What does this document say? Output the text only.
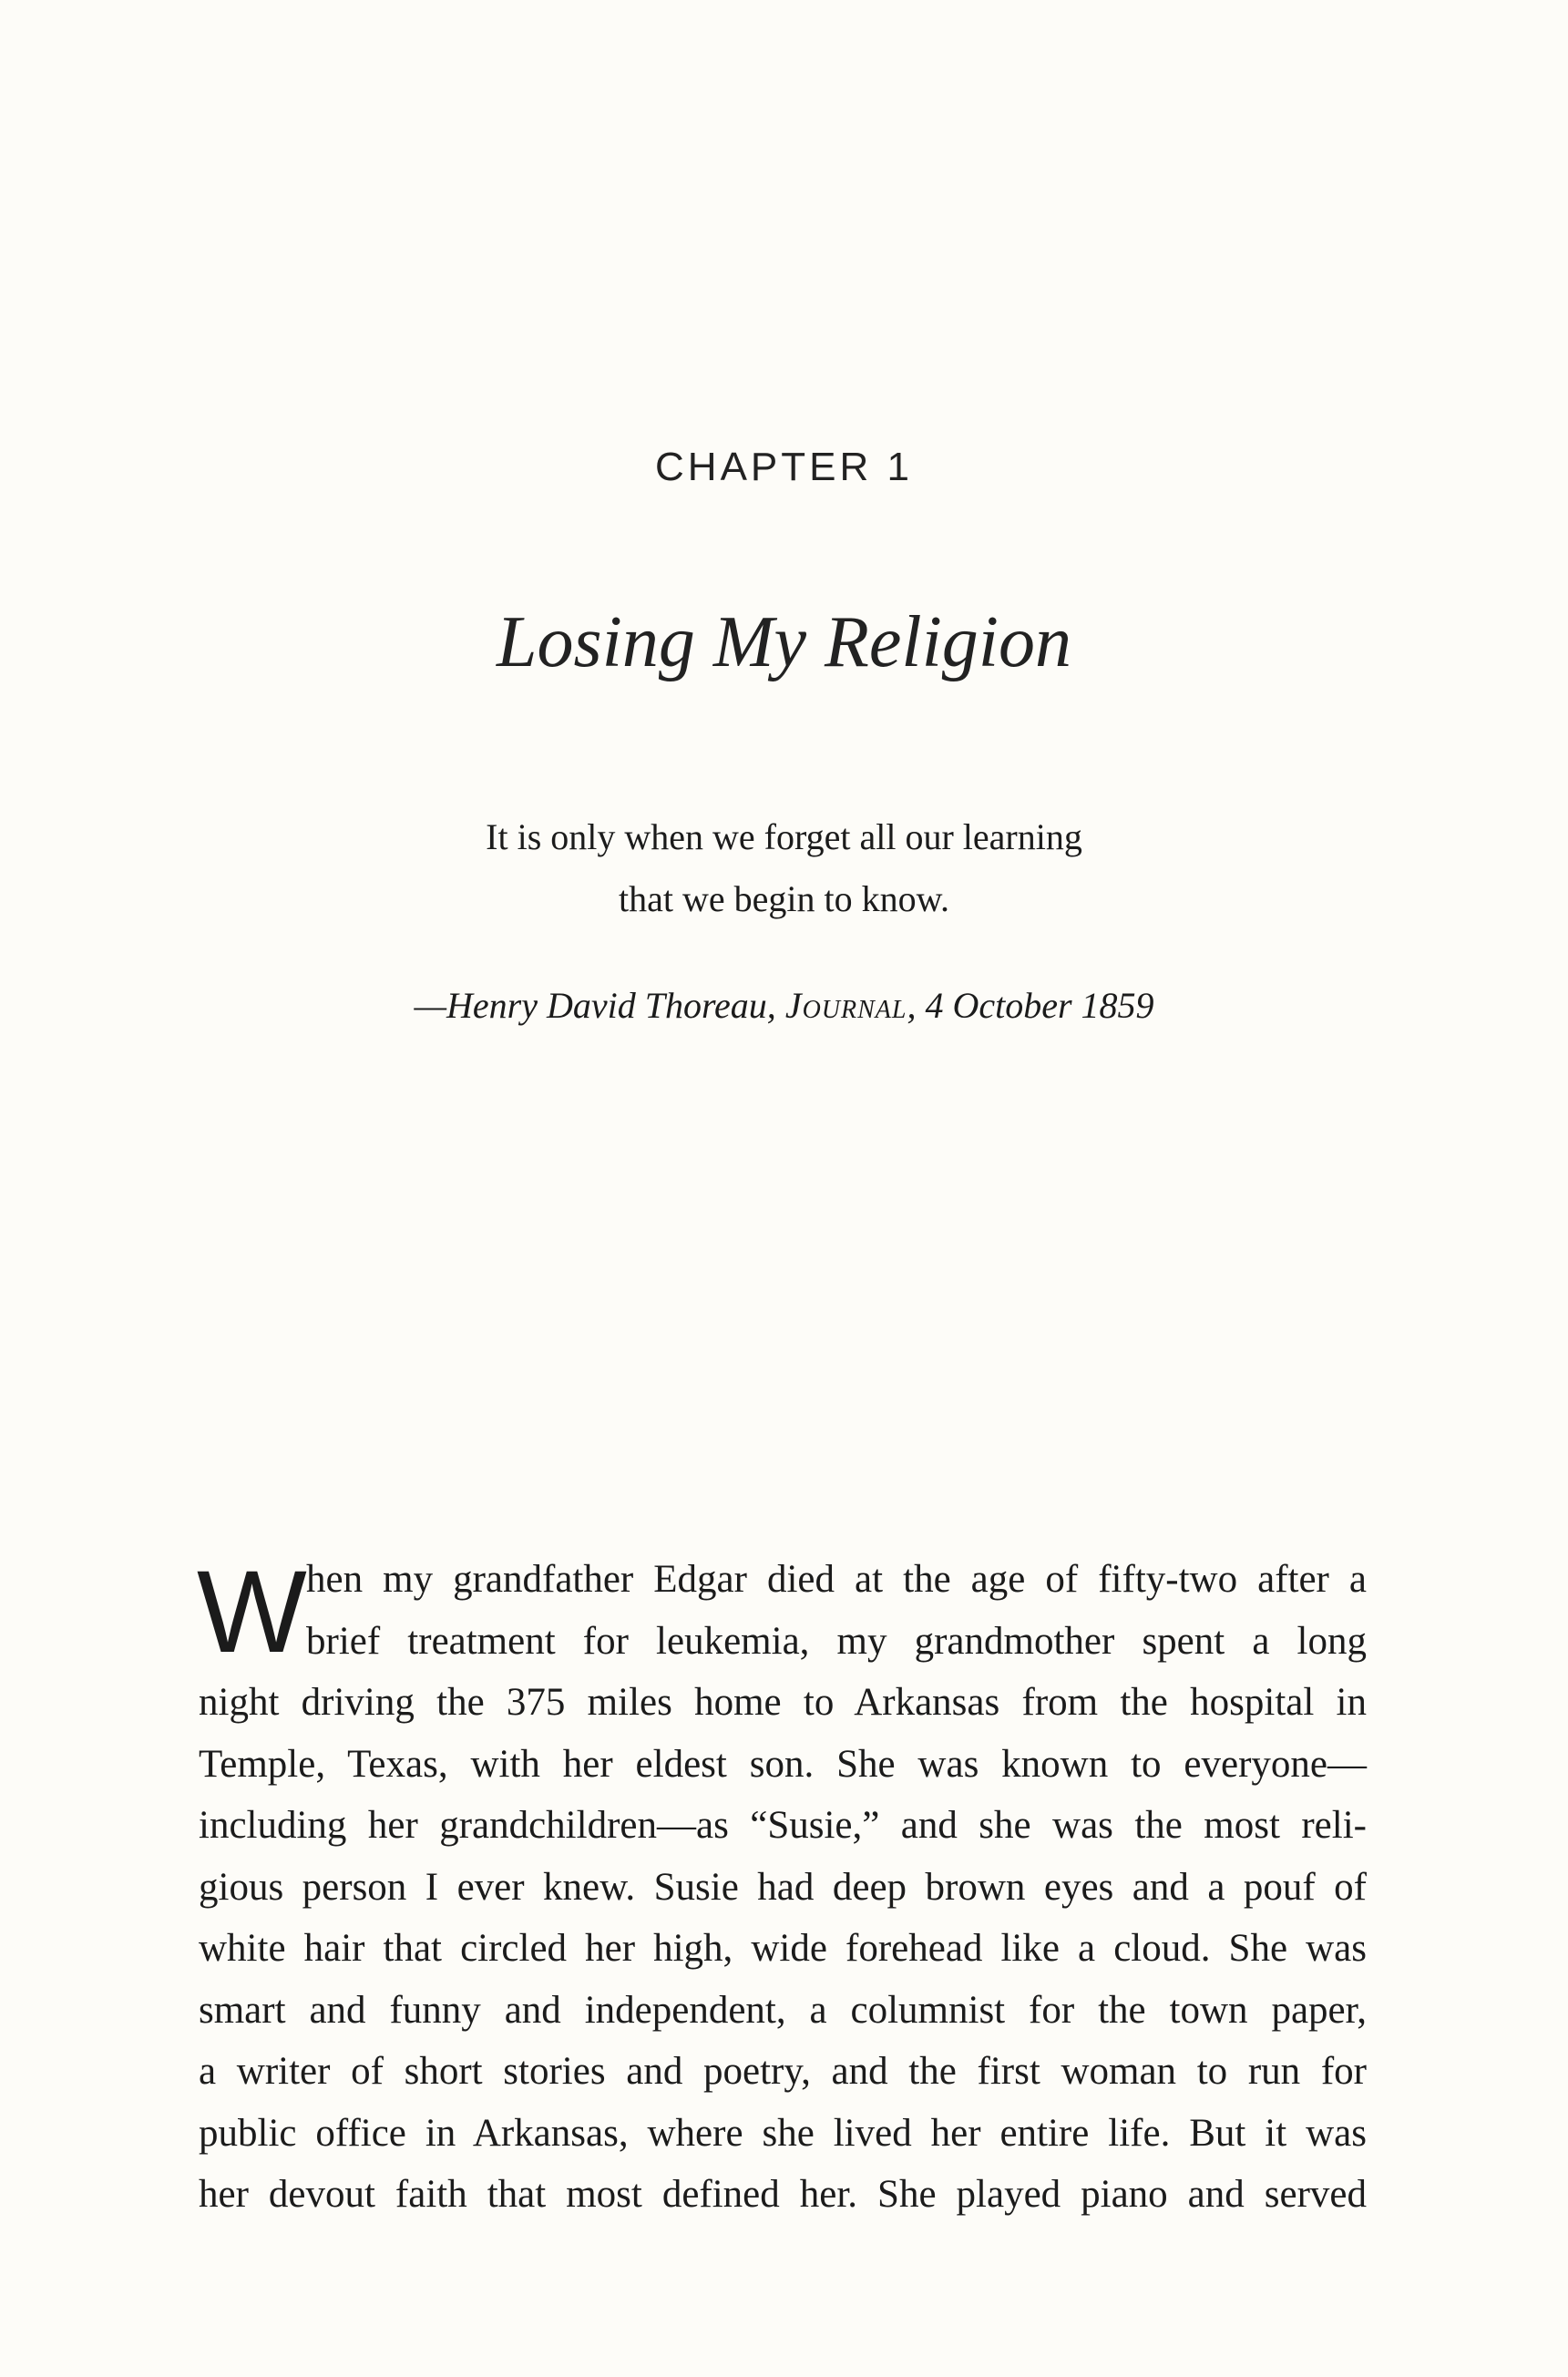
CHAPTER 1
Losing My Religion
It is only when we forget all our learning
that we begin to know.
—Henry David Thoreau, Journal, 4 October 1859
W hen my grandfather Edgar died at the age of fifty-two after a
brief treatment for leukemia, my grandmother spent a long
night driving the 375 miles home to Arkansas from the hospital in
Temple, Texas, with her eldest son. She was known to everyone—
including her grandchildren—as “Susie,” and she was the most reli-
gious person I ever knew. Susie had deep brown eyes and a pouf of
white hair that circled her high, wide forehead like a cloud. She was
smart and funny and independent, a columnist for the town paper,
a writer of short stories and poetry, and the first woman to run for
public office in Arkansas, where she lived her entire life. But it was
her devout faith that most defined her. She played piano and served
